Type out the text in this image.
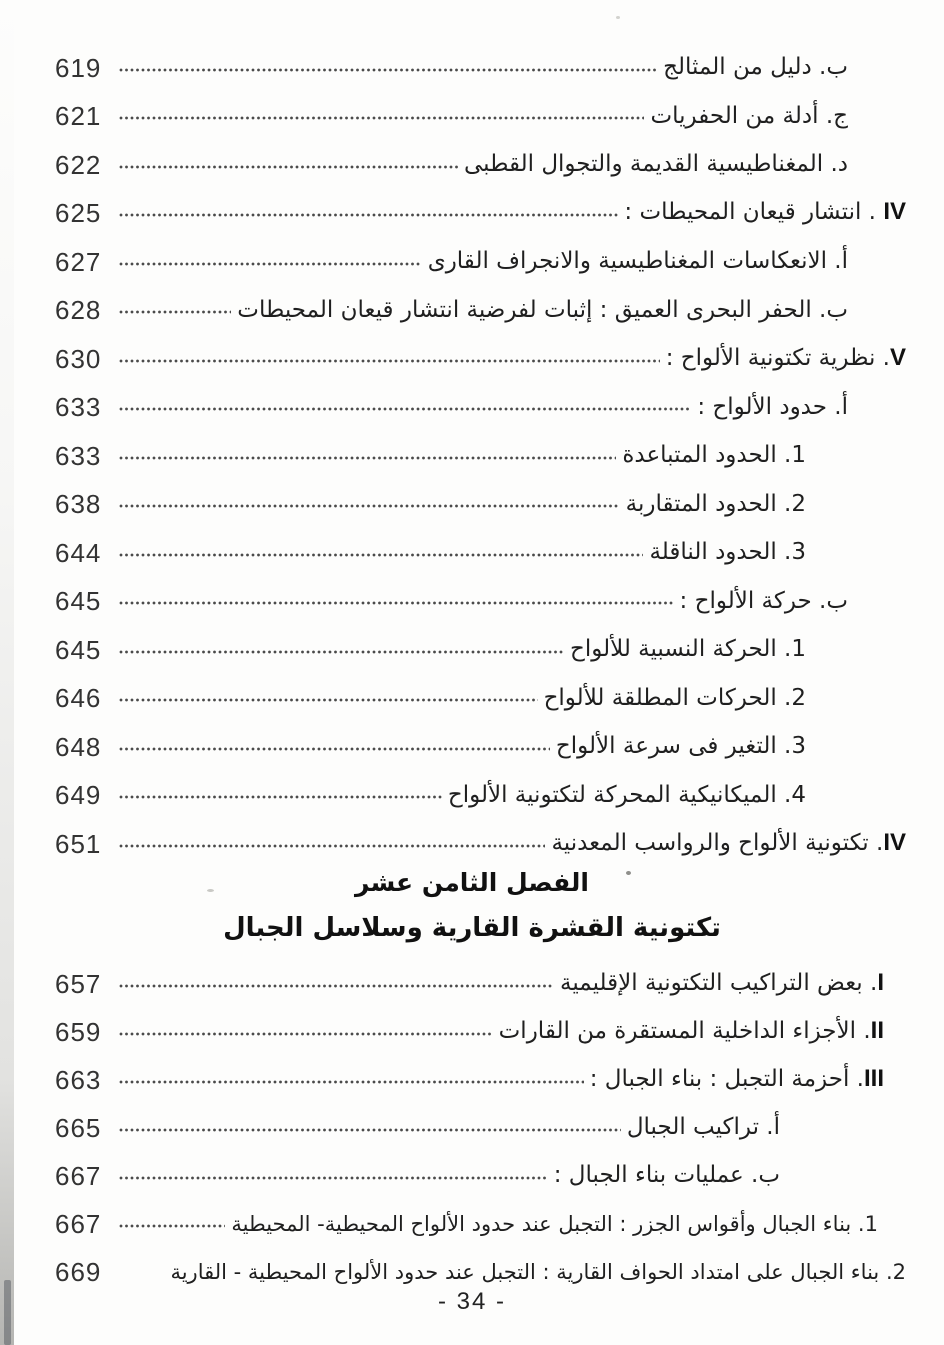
619	ب. دليل من المثالج
621	ج. أدلة من الحفريات
622	د. المغناطيسية القديمة والتجوال القطبى
625	IV . انتشار قيعان المحيطات :
627	أ. الانعكاسات المغناطيسية والانجراف القارى
628	ب. الحفر البحرى العميق : إثبات لفرضية انتشار قيعان المحيطات
630	V. نظرية تكتونية الألواح :
633	أ. حدود الألواح :
633	1. الحدود المتباعدة
638	2. الحدود المتقاربة
644	3. الحدود الناقلة
645	ب. حركة الألواح :
645	1. الحركة النسبية للألواح
646	2. الحركات المطلقة للألواح
648	3. التغير فى سرعة الألواح
649	4. الميكانيكية المحركة لتكتونية الألواح
651	IV. تكتونية الألواح والرواسب المعدنية
الفصل الثامن عشر
تكتونية القشرة القارية وسلاسل الجبال
657	I. بعض التراكيب التكتونية الإقليمية
659	II. الأجزاء الداخلية المستقرة من القارات
663	III. أحزمة التجبل : بناء الجبال :
665	أ. تراكيب الجبال
667	ب. عمليات بناء الجبال :
667	1. بناء الجبال وأقواس الجزر : التجبل عند حدود الألواح المحيطية- المحيطية
669	2. بناء الجبال على امتداد الحواف القارية : التجبل عند حدود الألواح المحيطية - القارية
- 34 -
